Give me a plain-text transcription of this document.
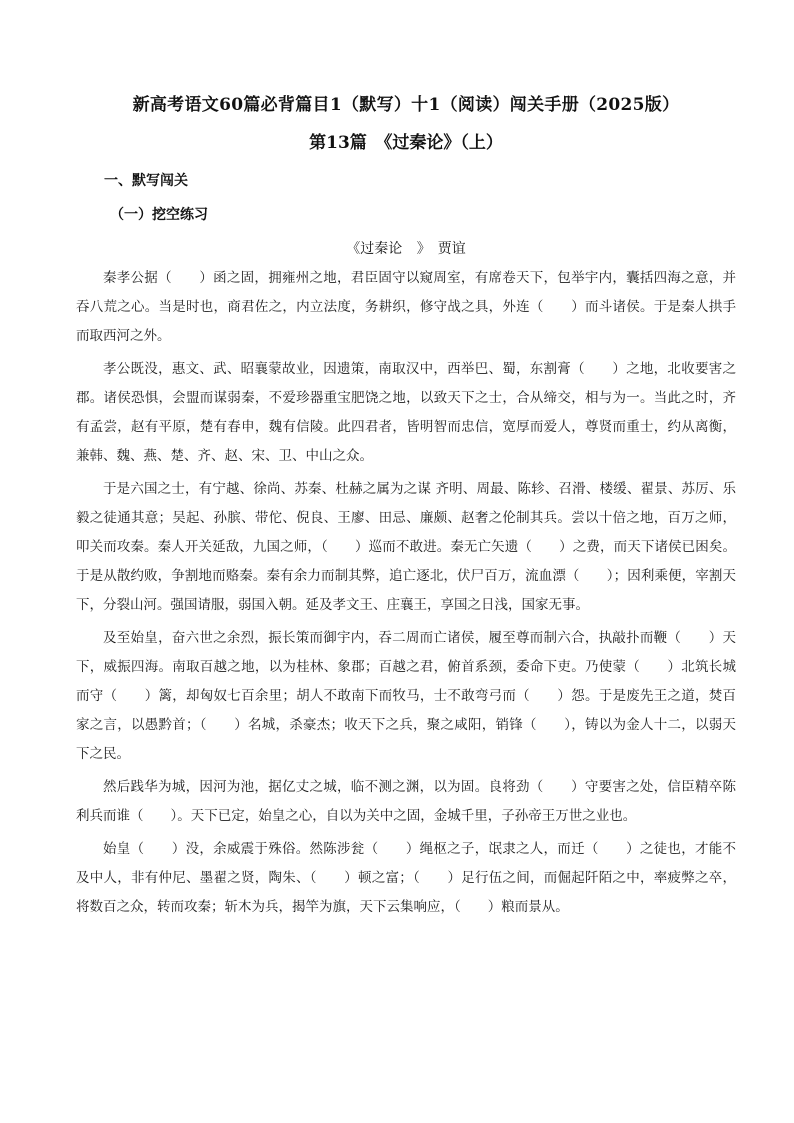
新高考语文60篇必背篇目1（默写）十1（阅读）闯关手册（2025版）
第13篇　《过秦论》（上）
一、默写闯关
（一）挖空练习
《过秦论 》　贾谊

秦孝公据（　　）函之固，拥雍州之地，君臣固守以窥周室，有席卷天下，包举宇内，囊括四海之意，并吞八荒之心。当是时也，商君佐之，内立法度，务耕织，修守战之具，外连（　　）而斗诸侯。于是秦人拱手而取西河之外。

孝公既没，惠文、武、昭襄蒙故业，因遗策，南取汉中，西举巴、蜀，东割膏（　　）之地，北收要害之郡。诸侯恐惧，会盟而谋弱秦，不爱珍器重宝肥饶之地，以致天下之士，合从缔交，相与为一。当此之时，齐有孟尝，赵有平原，楚有春申，魏有信陵。此四君者，皆明智而忠信，宽厚而爱人，尊贤而重士，约从离衡，兼韩、魏、燕、楚、齐、赵、宋、卫、中山之众。

于是六国之士，有宁越、徐尚、苏秦、杜赫之属为之谋 齐明、周最、陈轸、召滑、楼缓、翟景、苏厉、乐毅之徒通其意；吴起、孙膑、带佗、倪良、王廖、田忌、廉颇、赵奢之伦制其兵。尝以十倍之地，百万之师，叩关而攻秦。秦人开关延敌，九国之师，（　　）巡而不敢进。秦无亡矢遗（　　）之费，而天下诸侯已困矣。于是从散约败，争割地而赂秦。秦有余力而制其弊，追亡逐北，伏尸百万，流血漂（　　）；因利乘便，宰割天下，分裂山河。强国请服，弱国入朝。延及孝文王、庄襄王，享国之日浅，国家无事。

及至始皇，奋六世之余烈，振长策而御宇内，吞二周而亡诸侯，履至尊而制六合，执敲扑而鞭（　　）天下，威振四海。南取百越之地，以为桂林、象郡；百越之君，俯首系颈，委命下吏。乃使蒙（　　）北筑长城而守（　　）篱，却匈奴七百余里；胡人不敢南下而牧马，士不敢弯弓而（　　）怨。于是废先王之道，焚百家之言，以愚黔首；（　　）名城，杀豪杰；收天下之兵，聚之咸阳，销锋（　　），铸以为金人十二，以弱天下之民。

然后践华为城，因河为池，据亿丈之城，临不测之渊，以为固。良将劲（　　）守要害之处，信臣精卒陈利兵而谁（　　）。天下已定，始皇之心，自以为关中之固，金城千里，子孙帝王万世之业也。

始皇（　　）没，余威震于殊俗。然陈涉瓮（　　）绳枢之子，氓隶之人，而迁（　　）之徒也，才能不及中人，非有仲尼、墨翟之贤，陶朱、（　　）顿之富；（　　）足行伍之间，而倔起阡陌之中，率疲弊之卒，将数百之众，转而攻秦；斩木为兵，揭竿为旗，天下云集响应，（　　）粮而景从。
